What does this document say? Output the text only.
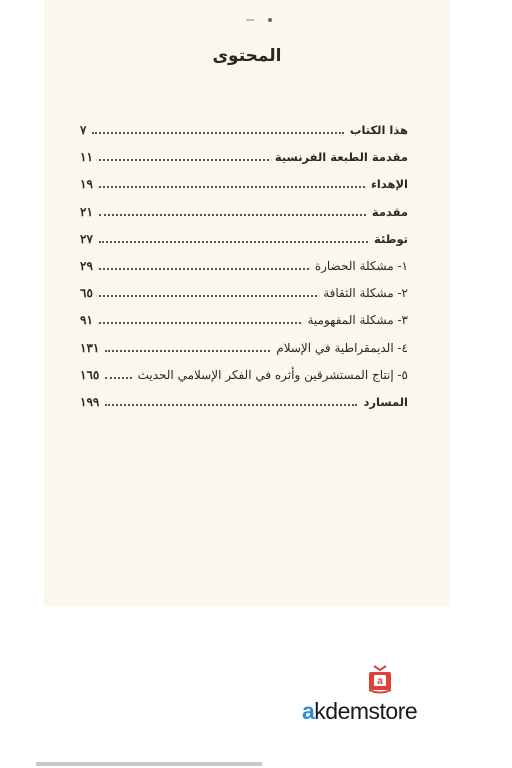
المحتوى
٧	هذا الكتاب
١١	مقدمة الطبعة الفرنسية
١٩	الإهداء
٢١	مقدمة
٢٧	توطئة
٢٩	١- مشكلة الحضارة
٦٥	٢- مشكلة الثقافة
٩١	٣- مشكلة المفهومية
١٣١	٤- الديمقراطية في الإسلام
١٦٥	٥- إنتاج المستشرقين وأثره في الفكر الإسلامي الحديث
١٩٩	المسارد
a
akdemstore
